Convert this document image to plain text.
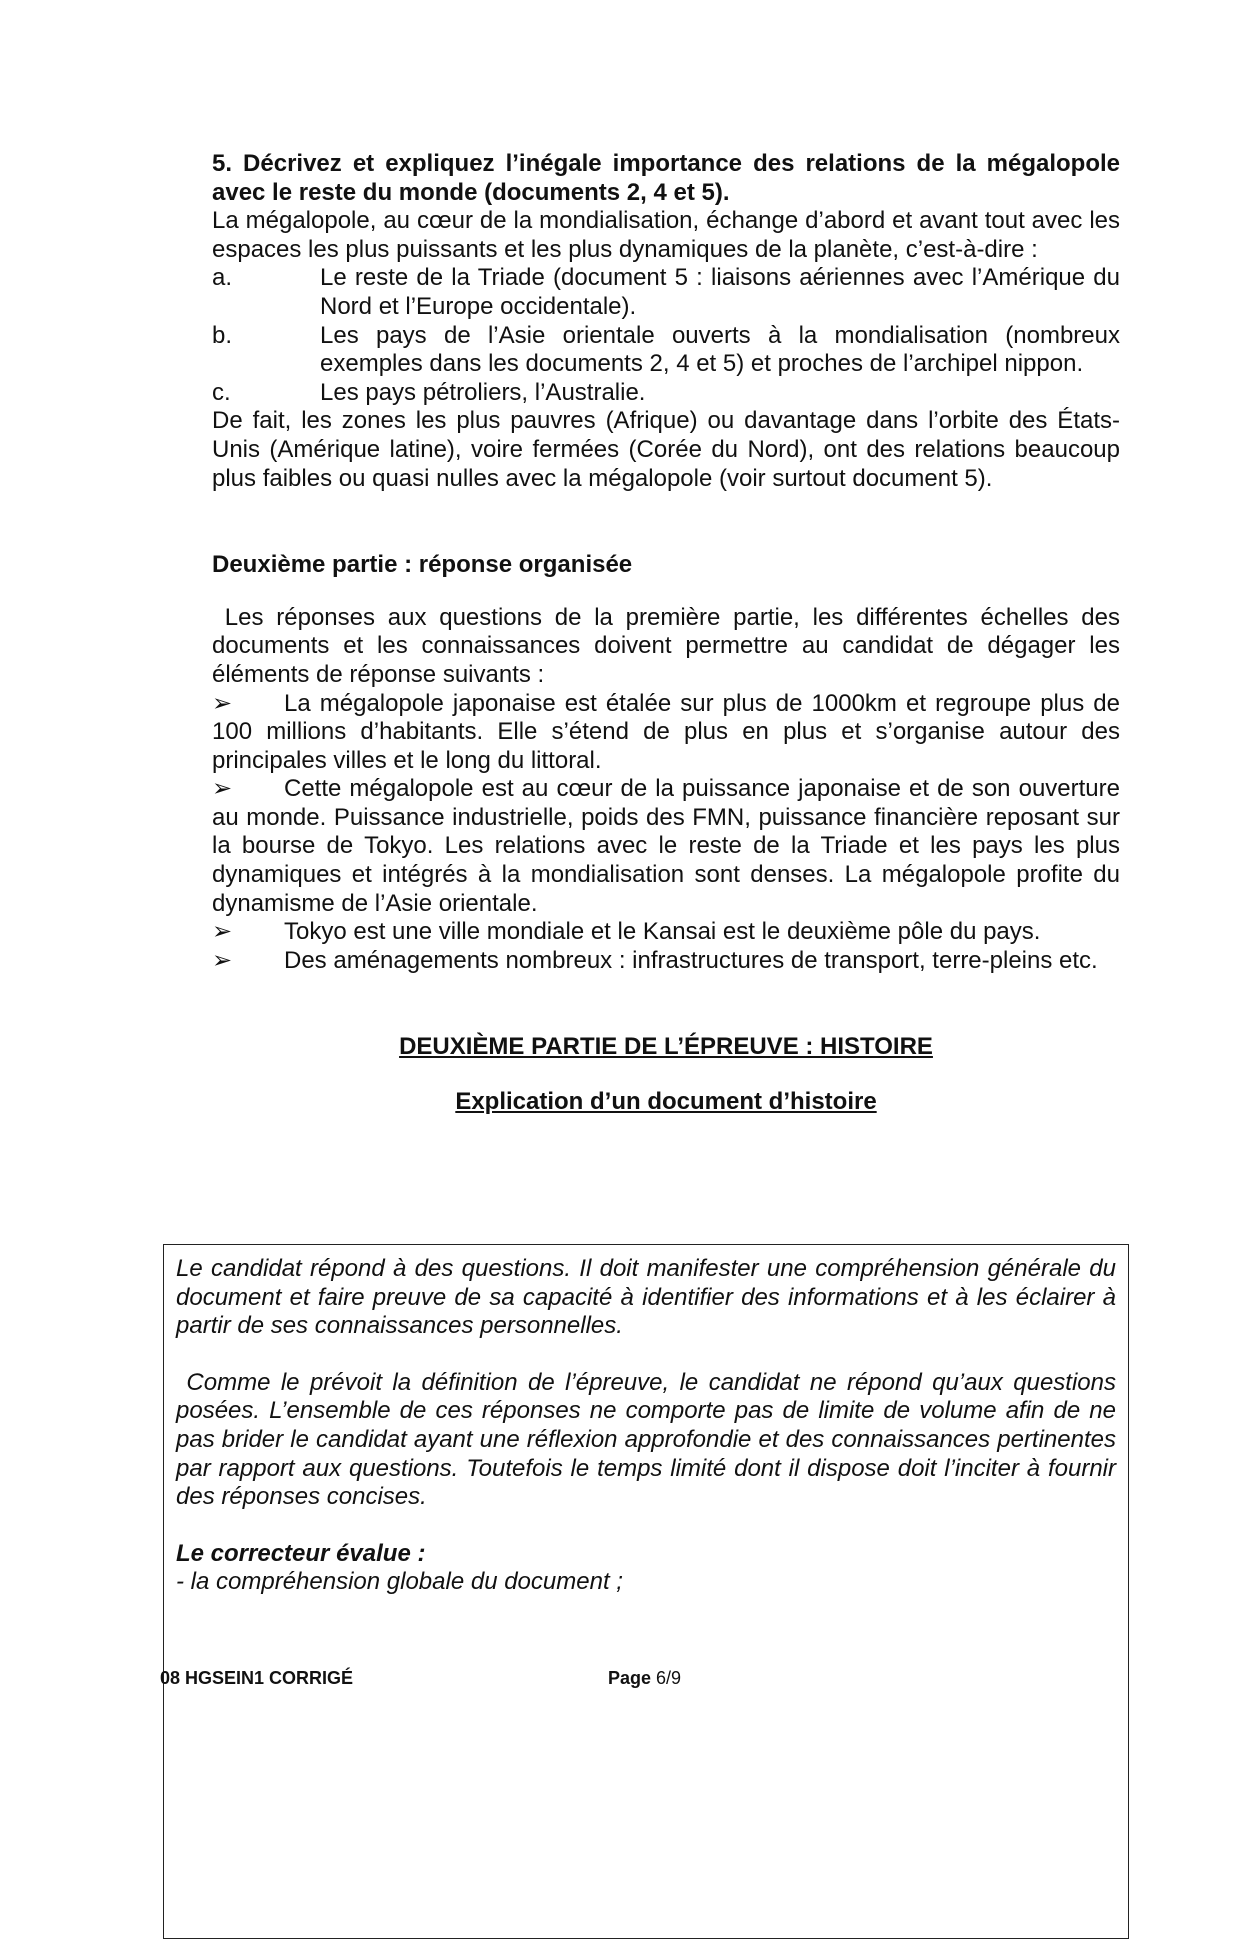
5. Décrivez et expliquez l’inégale importance des relations de la mégalopole avec le reste du monde (documents 2, 4 et 5).

La mégalopole, au cœur de la mondialisation, échange d’abord et avant tout avec les espaces les plus puissants et les plus dynamiques de la planète, c’est-à-dire :

a.	Le reste de la Triade (document 5 : liaisons aériennes avec l’Amérique du Nord et l’Europe occidentale).
b.	Les pays de l’Asie orientale ouverts à la mondialisation (nombreux exemples dans les documents 2, 4 et 5) et proches de l’archipel nippon.
c.	Les pays pétroliers, l’Australie.

De fait, les zones les plus pauvres (Afrique) ou davantage dans l’orbite des États-Unis (Amérique latine), voire fermées (Corée du Nord), ont des relations beaucoup plus faibles ou quasi nulles avec la mégalopole (voir surtout document 5).

Deuxième partie : réponse organisée

Les réponses aux questions de la première partie, les différentes échelles des documents et les connaissances doivent permettre au candidat de dégager les éléments de réponse suivants :

➢ La mégalopole japonaise est étalée sur plus de 1000km et regroupe plus de 100 millions d’habitants. Elle s’étend de plus en plus et s’organise autour des principales villes et le long du littoral.

➢ Cette mégalopole est au cœur de la puissance japonaise et de son ouverture au monde. Puissance industrielle, poids des FMN, puissance financière reposant sur la bourse de Tokyo. Les relations avec le reste de la Triade et les pays les plus dynamiques et intégrés à la mondialisation sont denses. La mégalopole profite du dynamisme de l’Asie orientale.

➢ Tokyo est une ville mondiale et le Kansai est le deuxième pôle du pays.

➢ Des aménagements nombreux : infrastructures de transport, terre-pleins etc.

DEUXIÈME PARTIE DE L’ÉPREUVE : HISTOIRE

Explication d’un document d’histoire

Le candidat répond à des questions. Il doit manifester une compréhension générale du document et faire preuve de sa capacité à identifier des informations et à les éclairer à partir de ses connaissances personnelles.

Comme le prévoit la définition de l’épreuve, le candidat ne répond qu’aux questions posées. L’ensemble de ces réponses ne comporte pas de limite de volume afin de ne pas brider le candidat ayant une réflexion approfondie et des connaissances pertinentes par rapport aux questions. Toutefois le temps limité dont il dispose doit l’inciter à fournir des réponses concises.

Le correcteur évalue :
- la compréhension globale du document ;

08 HGSEIN1 CORRIGÉ	Page 6/9
